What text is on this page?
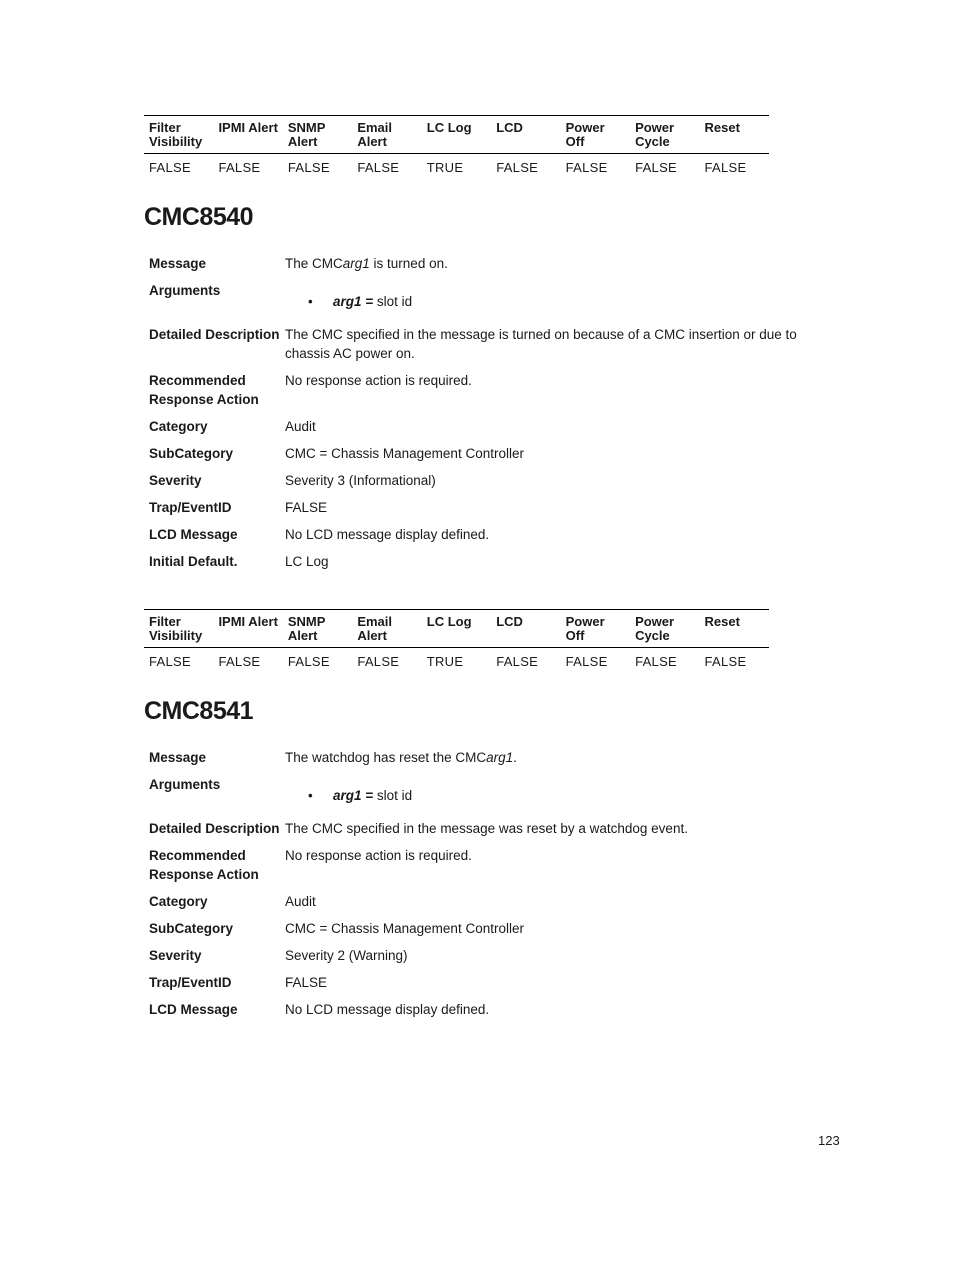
Filter Visibility	IPMI Alert	SNMP Alert	Email Alert	LC Log	LCD	Power Off	Power Cycle	Reset
FALSE	FALSE	FALSE	FALSE	TRUE	FALSE	FALSE	FALSE	FALSE
CMC8540
Message	The CMCarg1 is turned on.
Arguments	• arg1 = slot id

Detailed Description	The CMC specified in the message is turned on because of a CMC insertion or due to chassis AC power on.
Recommended Response Action	No response action is required.
Category	Audit
SubCategory	CMC = Chassis Management Controller
Severity	Severity 3 (Informational)
Trap/EventID	FALSE
LCD Message	No LCD message display defined.
Initial Default.	LC Log
Filter Visibility	IPMI Alert	SNMP Alert	Email Alert	LC Log	LCD	Power Off	Power Cycle	Reset
FALSE	FALSE	FALSE	FALSE	TRUE	FALSE	FALSE	FALSE	FALSE
CMC8541
Message	The watchdog has reset the CMCarg1.
Arguments	• arg1 = slot id

Detailed Description	The CMC specified in the message was reset by a watchdog event.
Recommended Response Action	No response action is required.
Category	Audit
SubCategory	CMC = Chassis Management Controller
Severity	Severity 2 (Warning)
Trap/EventID	FALSE
LCD Message	No LCD message display defined.
123
